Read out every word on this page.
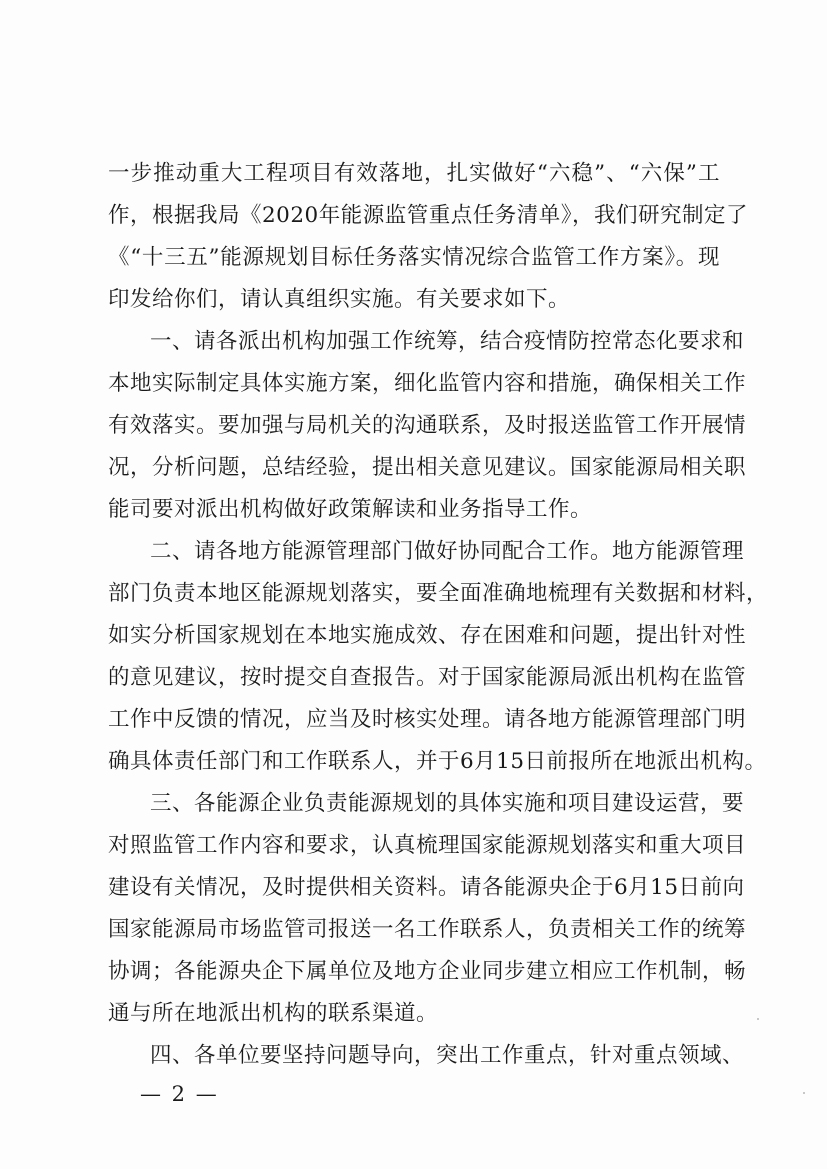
一步推动重大工程项目有效落地，扎实做好“六稳”、“六保”工
作，根据我局《2020年能源监管重点任务清单》，我们研究制定了
《“十三五”能源规划目标任务落实情况综合监管工作方案》。现
印发给你们，请认真组织实施。有关要求如下。
一、请各派出机构加强工作统筹，结合疫情防控常态化要求和
本地实际制定具体实施方案，细化监管内容和措施，确保相关工作
有效落实。要加强与局机关的沟通联系，及时报送监管工作开展情
况，分析问题，总结经验，提出相关意见建议。国家能源局相关职
能司要对派出机构做好政策解读和业务指导工作。
二、请各地方能源管理部门做好协同配合工作。地方能源管理
部门负责本地区能源规划落实，要全面准确地梳理有关数据和材料，
如实分析国家规划在本地实施成效、存在困难和问题，提出针对性
的意见建议，按时提交自查报告。对于国家能源局派出机构在监管
工作中反馈的情况，应当及时核实处理。请各地方能源管理部门明
确具体责任部门和工作联系人，并于6月15日前报所在地派出机构。
三、各能源企业负责能源规划的具体实施和项目建设运营，要
对照监管工作内容和要求，认真梳理国家能源规划落实和重大项目
建设有关情况，及时提供相关资料。请各能源央企于6月15日前向
国家能源局市场监管司报送一名工作联系人，负责相关工作的统筹
协调；各能源央企下属单位及地方企业同步建立相应工作机制，畅
通与所在地派出机构的联系渠道。
四、各单位要坚持问题导向，突出工作重点，针对重点领域、
— 2 —
